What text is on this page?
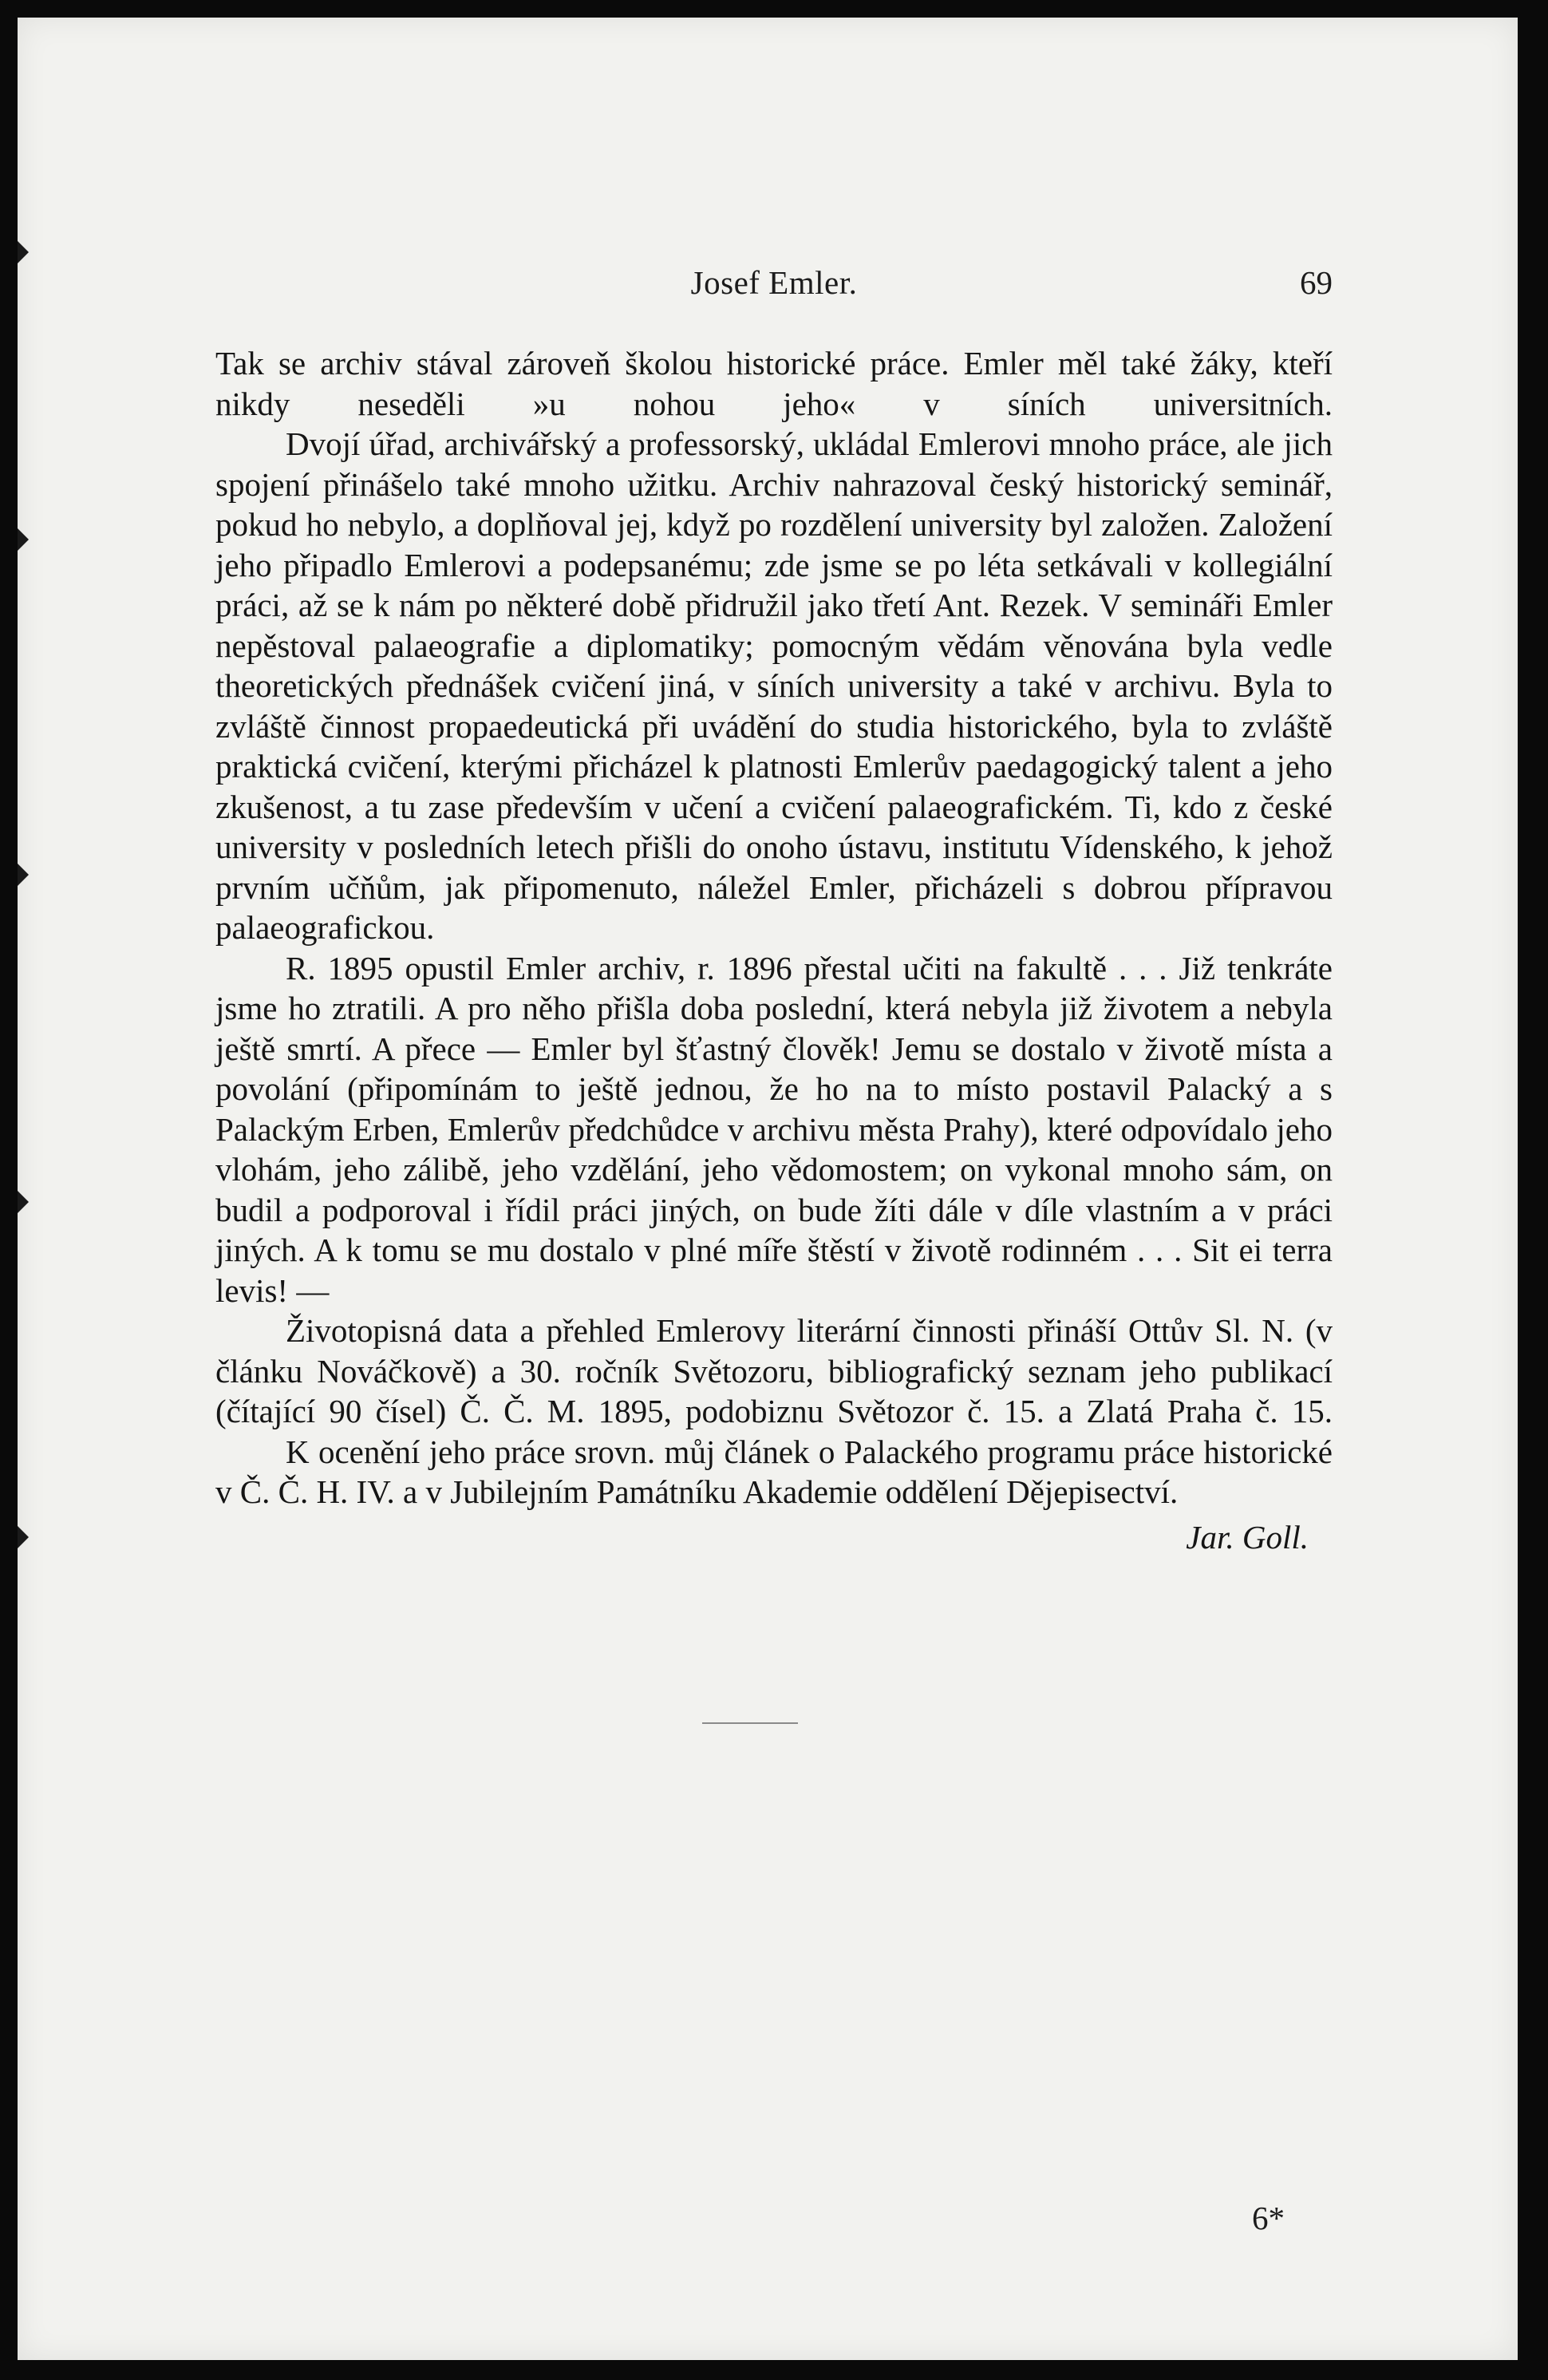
Josef Emler.	69

Tak se archiv stával zároveň školou historické práce. Emler měl také žáky, kteří nikdy neseděli »u nohou jeho« v síních universitních.

Dvojí úřad, archivářský a professorský, ukládal Emlerovi mnoho práce, ale jich spojení přinášelo také mnoho užitku. Archiv nahrazoval český historický seminář, pokud ho nebylo, a doplňoval jej, když po rozdělení university byl založen. Založení jeho připadlo Emlerovi a podepsanému; zde jsme se po léta setkávali v kollegiální práci, až se k nám po některé době přidružil jako třetí Ant. Rezek. V semináři Emler nepěstoval palaeografie a diplomatiky; pomocným vědám věnována byla vedle theoretických přednášek cvičení jiná, v síních university a také v archivu. Byla to zvláště činnost propaedeutická při uvádění do studia historického, byla to zvláště praktická cvičení, kterými přicházel k platnosti Emlerův paedagogický talent a jeho zkušenost, a tu zase především v učení a cvičení palaeografickém. Ti, kdo z české university v posledních letech přišli do onoho ústavu, institutu Vídenského, k jehož prvním učňům, jak připomenuto, náležel Emler, přicházeli s dobrou přípravou palaeografickou.

R. 1895 opustil Emler archiv, r. 1896 přestal učiti na fakultě . . . Již tenkráte jsme ho ztratili. A pro něho přišla doba poslední, která nebyla již životem a nebyla ještě smrtí. A přece — Emler byl šťastný člověk! Jemu se dostalo v životě místa a povolání (připomínám to ještě jednou, že ho na to místo postavil Palacký a s Palackým Erben, Emlerův předchůdce v archivu města Prahy), které odpovídalo jeho vlohám, jeho zálibě, jeho vzdělání, jeho vědomostem; on vykonal mnoho sám, on budil a podporoval i řídil práci jiných, on bude žíti dále v díle vlastním a v práci jiných. A k tomu se mu dostalo v plné míře štěstí v životě rodinném . . . Sit ei terra levis! —

Životopisná data a přehled Emlerovy literární činnosti přináší Ottův Sl. N. (v článku Nováčkově) a 30. ročník Světozoru, bibliografický seznam jeho publikací (čítající 90 čísel) Č. Č. M. 1895, podobiznu Světozor č. 15. a Zlatá Praha č. 15.

K ocenění jeho práce srovn. můj článek o Palackého programu práce historické v Č. Č. H. IV. a v Jubilejním Památníku Akademie oddělení Dějepisectví.

Jar. Goll.

6*
